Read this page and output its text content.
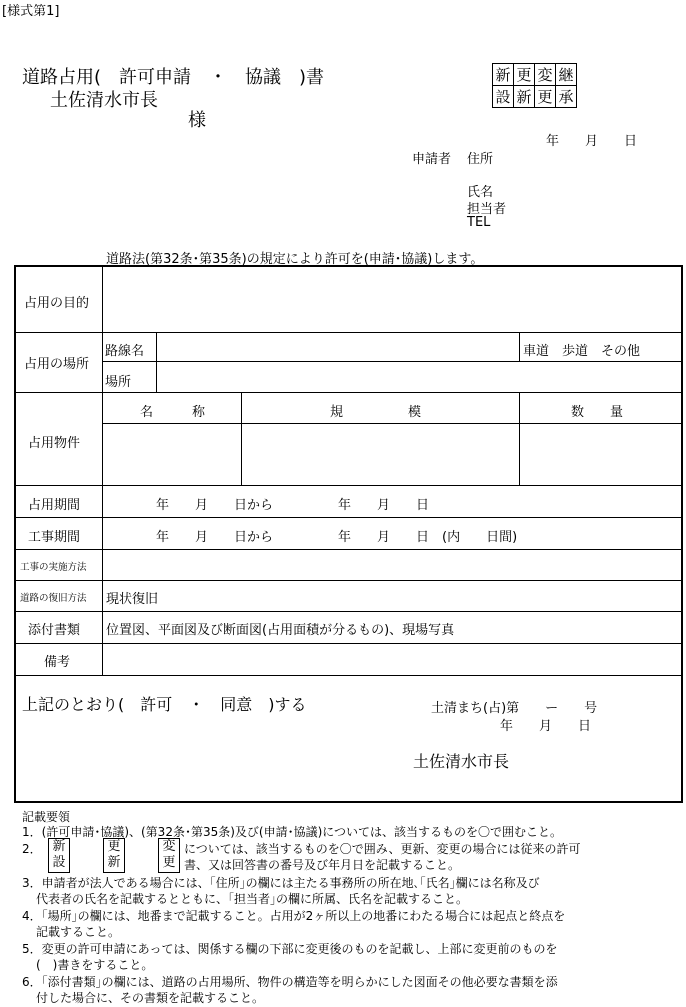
[様式第1]
道路占用(　許可申請　・　協議　)書
土佐清水市長
様
新	更	変	継
設	新	更	承
年　　月　　日
申請者 住所
氏名
担当者
TEL
道路法(第32条･第35条)の規定により許可を(申請･協議)します。
占用の目的
占用の場所
路線名	車道　歩道　その他
場所
占用物件
名　　　称	規　　　　　模	数　　量
占用期間	年　　月　　日から　　　　　年　　月　　日
工事期間	年　　月　　日から　　　　　年　　月　　日　(内　　日間)
工事の実施方法
道路の復旧方法 現状復旧
添付書類 位置図、平面図及び断面図(占用面積が分るもの)、現場写真
備考
上記のとおり(　許可　・　同意　)する	土清まち(占)第　　ー　　号
年　　月　　日
土佐清水市長
記載要領
1．(許可申請･協議)、(第32条･第35条)及び(申請･協議)については、該当するものを〇で囲むこと。
2． 新
設
更
新
変
更
については、該当するものを〇で囲み、更新、変更の場合には従来の許可
書、又は回答書の番号及び年月日を記載すること。
3．申請者が法人である場合には、｢住所｣の欄には主たる事務所の所在地､｢氏名｣欄には名称及び
代表者の氏名を記載するとともに、｢担当者｣の欄に所属、氏名を記載すること。
4．｢場所｣の欄には、地番まで記載すること。占用が2ヶ所以上の地番にわたる場合には起点と終点を
記載すること。
5．変更の許可申請にあっては、関係する欄の下部に変更後のものを記載し、上部に変更前のものを
(　)書きをすること。
6．｢添付書類｣の欄には、道路の占用場所、物件の構造等を明らかにした図面その他必要な書類を添
付した場合に、その書類を記載すること。
